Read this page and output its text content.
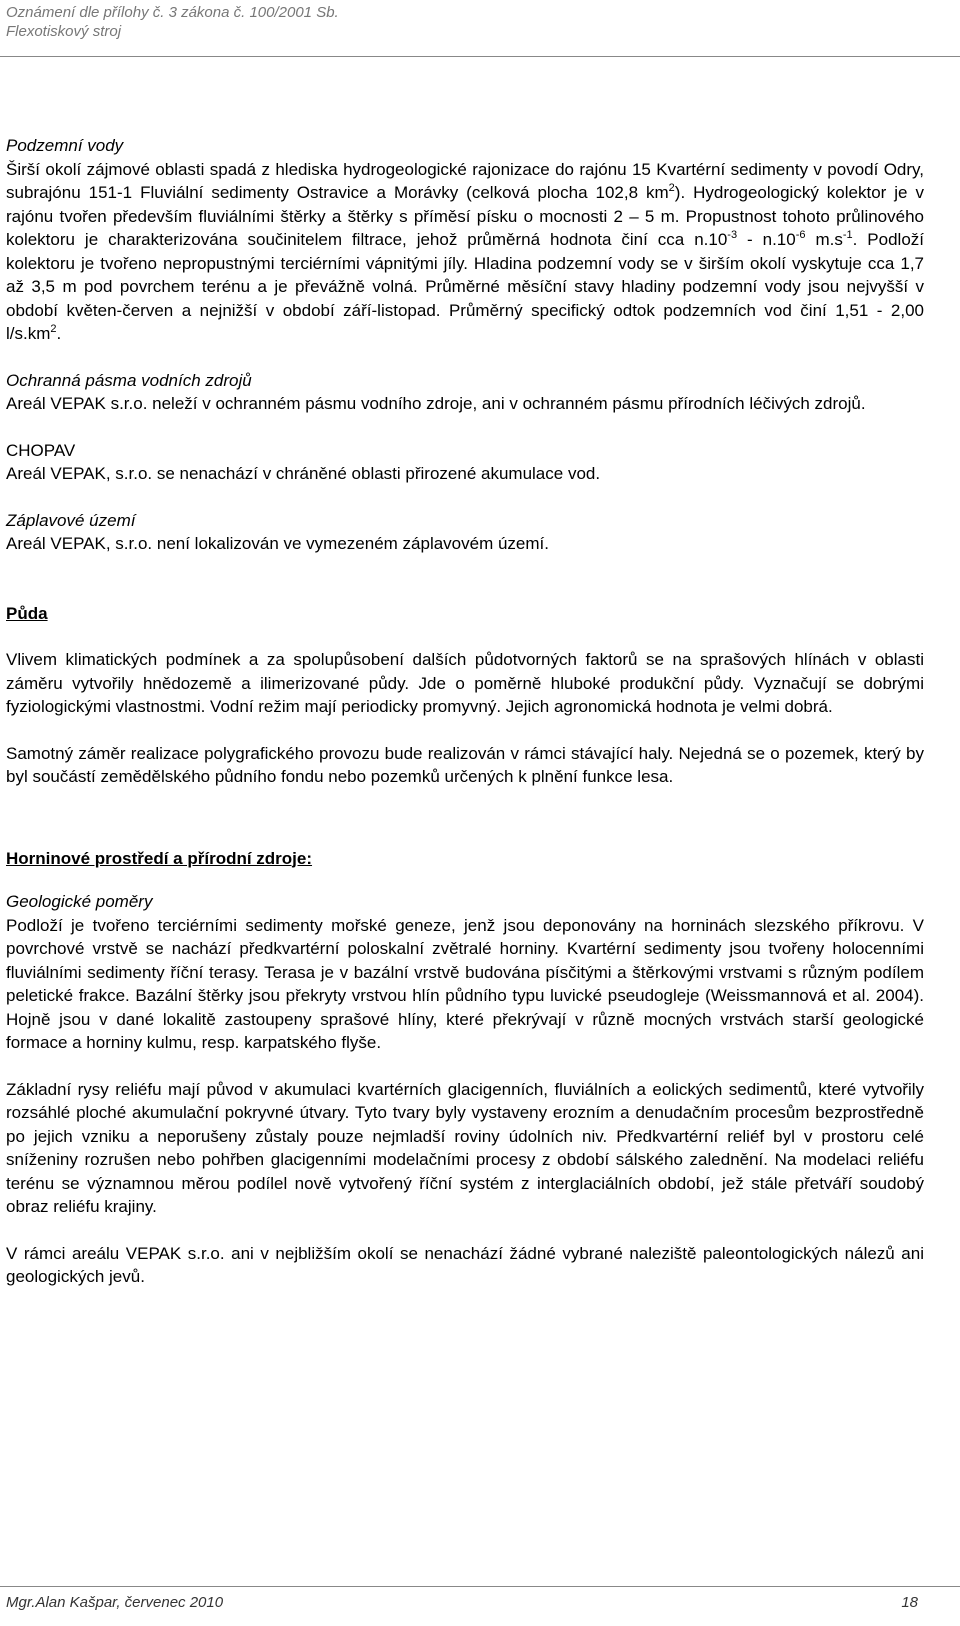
Oznámení dle přílohy č. 3 zákona č. 100/2001 Sb.
Flexotiskový stroj

Podzemní vody

Širší okolí zájmové oblasti spadá z hlediska hydrogeologické rajonizace do rajónu 15 Kvartérní sedimenty v povodí Odry, subrajónu 151-1 Fluviální sedimenty Ostravice a Morávky (celková plocha 102,8 $km^2$). Hydrogeologický kolektor je v rajónu tvořen především fluviálními štěrky a štěrky s příměsí písku o mocnosti 2 – 5 m. Propustnost tohoto průlinového kolektoru je charakterizována součinitelem filtrace, jehož průměrná hodnota činí cca $n.10^{-3} - n.10^{-6}$ $m.s^{-1}$. Podloží kolektoru je tvořeno nepropustnými terciérními vápnitými jíly. Hladina podzemní vody se v širším okolí vyskytuje cca 1,7 až 3,5 m pod povrchem terénu a je převážně volná. Průměrné měsíční stavy hladiny podzemní vody jsou nejvyšší v období květen-červen a nejnižší v období září-listopad. Průměrný specifický odtok podzemních vod činí 1,51 - 2,00 $l/s.km^2$.

Ochranná pásma vodních zdrojů

Areál VEPAK s.r.o. neleží v ochranném pásmu vodního zdroje, ani v ochranném pásmu přírodních léčivých zdrojů.

CHOPAV

Areál VEPAK, s.r.o. se nenachází v chráněné oblasti přirozené akumulace vod.

Záplavové území

Areál VEPAK, s.r.o. není lokalizován ve vymezeném záplavovém území.

Půda

Vlivem klimatických podmínek a za spolupůsobení dalších půdotvorných faktorů se na sprašových hlínách v oblasti záměru vytvořily hnědozemě a ilimerizované půdy. Jde o poměrně hluboké produkční půdy. Vyznačují se dobrými fyziologickými vlastnostmi. Vodní režim mají periodicky promyvný. Jejich agronomická hodnota je velmi dobrá.

Samotný záměr realizace polygrafického provozu bude realizován v rámci stávající haly. Nejedná se o pozemek, který by byl součástí zemědělského půdního fondu nebo pozemků určených k plnění funkce lesa.

Horninové prostředí a přírodní zdroje:

Geologické poměry

Podloží je tvořeno terciérními sedimenty mořské geneze, jenž jsou deponovány na horninách slezského příkrovu. V povrchové vrstvě se nachází předkvartérní poloskalní zvětralé horniny. Kvartérní sedimenty jsou tvořeny holocenními fluviálními sedimenty říční terasy. Terasa je v bazální vrstvě budována písčitými a štěrkovými vrstvami s různým podílem peletické frakce. Bazální štěrky jsou překryty vrstvou hlín půdního typu luvické pseudogleje (Weissmannová et al. 2004). Hojně jsou v dané lokalitě zastoupeny sprašové hlíny, které překrývají v různě mocných vrstvách starší geologické formace a horniny kulmu, resp. karpatského flyše.

Základní rysy reliéfu mají původ v akumulaci kvartérních glacigenních, fluviálních a eolických sedimentů, které vytvořily rozsáhlé ploché akumulační pokryvné útvary. Tyto tvary byly vystaveny erozním a denudačním procesům bezprostředně po jejich vzniku a neporušeny zůstaly pouze nejmladší roviny údolních niv. Předkvartérní reliéf byl v prostoru celé sníženiny rozrušen nebo pohřben glacigenními modelačními procesy z období sálského zalednění. Na modelaci reliéfu terénu se významnou měrou podílel nově vytvořený říční systém z interglaciálních období, jež stále přetváří soudobý obraz reliéfu krajiny.

V rámci areálu VEPAK s.r.o. ani v nejbližším okolí se nenachází žádné vybrané naleziště paleontologických nálezů ani geologických jevů.

Mgr.Alan Kašpar, červenec 2010	18
